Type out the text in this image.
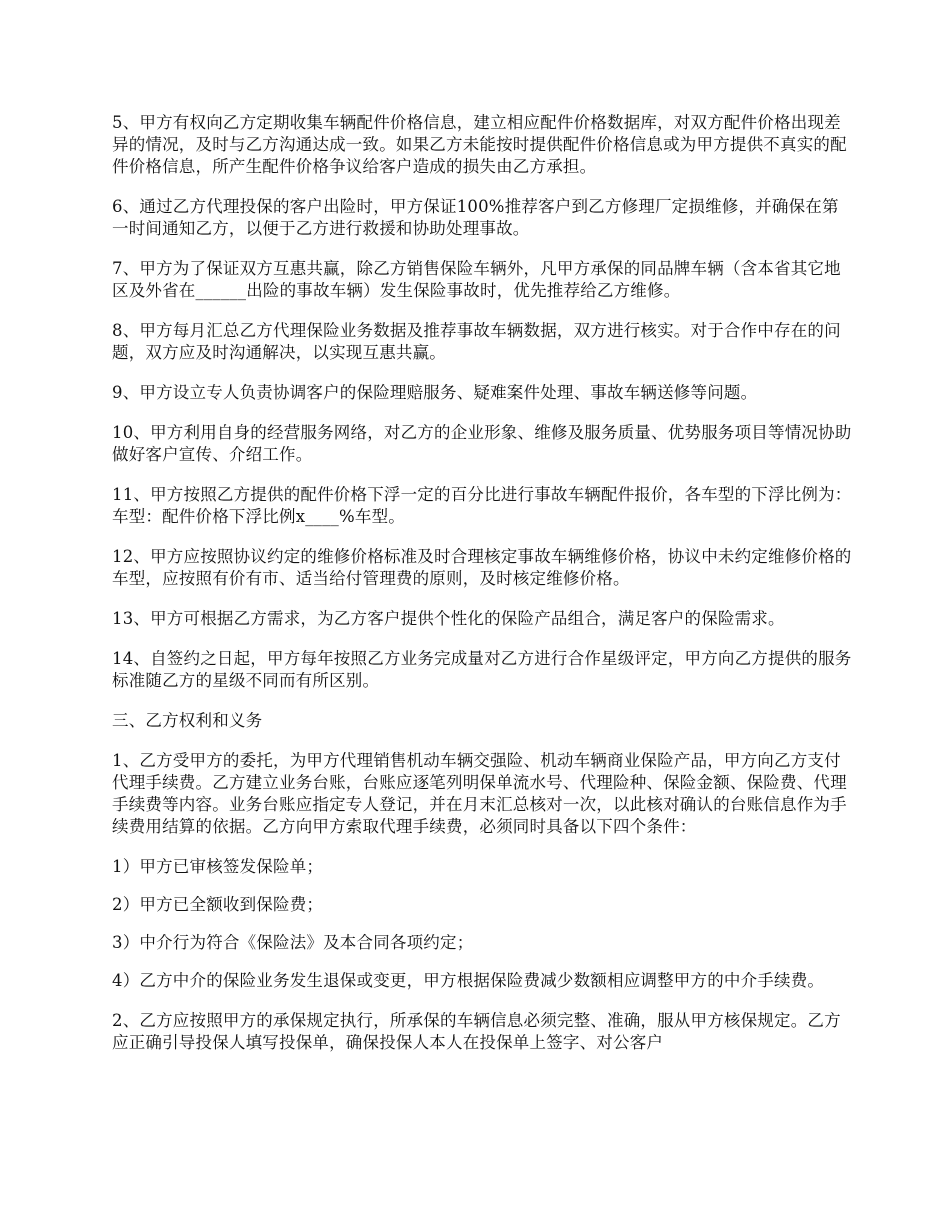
5、甲方有权向乙方定期收集车辆配件价格信息，建立相应配件价格数据库，对双方配件价格出现差异的情况，及时与乙方沟通达成一致。如果乙方未能按时提供配件价格信息或为甲方提供不真实的配件价格信息，所产生配件价格争议给客户造成的损失由乙方承担。

6、通过乙方代理投保的客户出险时，甲方保证100%推荐客户到乙方修理厂定损维修，并确保在第一时间通知乙方，以便于乙方进行救援和协助处理事故。

7、甲方为了保证双方互惠共赢，除乙方销售保险车辆外，凡甲方承保的同品牌车辆（含本省其它地区及外省在______出险的事故车辆）发生保险事故时，优先推荐给乙方维修。

8、甲方每月汇总乙方代理保险业务数据及推荐事故车辆数据，双方进行核实。对于合作中存在的问题，双方应及时沟通解决，以实现互惠共赢。

9、甲方设立专人负责协调客户的保险理赔服务、疑难案件处理、事故车辆送修等问题。

10、甲方利用自身的经营服务网络，对乙方的企业形象、维修及服务质量、优势服务项目等情况协助做好客户宣传、介绍工作。

11、甲方按照乙方提供的配件价格下浮一定的百分比进行事故车辆配件报价，各车型的下浮比例为：车型：配件价格下浮比例x____%车型。

12、甲方应按照协议约定的维修价格标准及时合理核定事故车辆维修价格，协议中未约定维修价格的车型，应按照有价有市、适当给付管理费的原则，及时核定维修价格。

13、甲方可根据乙方需求，为乙方客户提供个性化的保险产品组合，满足客户的保险需求。

14、自签约之日起，甲方每年按照乙方业务完成量对乙方进行合作星级评定，甲方向乙方提供的服务标准随乙方的星级不同而有所区别。

三、乙方权利和义务

1、乙方受甲方的委托，为甲方代理销售机动车辆交强险、机动车辆商业保险产品，甲方向乙方支付代理手续费。乙方建立业务台账，台账应逐笔列明保单流水号、代理险种、保险金额、保险费、代理手续费等内容。业务台账应指定专人登记，并在月末汇总核对一次，以此核对确认的台账信息作为手续费用结算的依据。乙方向甲方索取代理手续费，必须同时具备以下四个条件：

1）甲方已审核签发保险单；

2）甲方已全额收到保险费；

3）中介行为符合《保险法》及本合同各项约定；

4）乙方中介的保险业务发生退保或变更，甲方根据保险费减少数额相应调整甲方的中介手续费。

2、乙方应按照甲方的承保规定执行，所承保的车辆信息必须完整、准确，服从甲方核保规定。乙方应正确引导投保人填写投保单，确保投保人本人在投保单上签字、对公客户
